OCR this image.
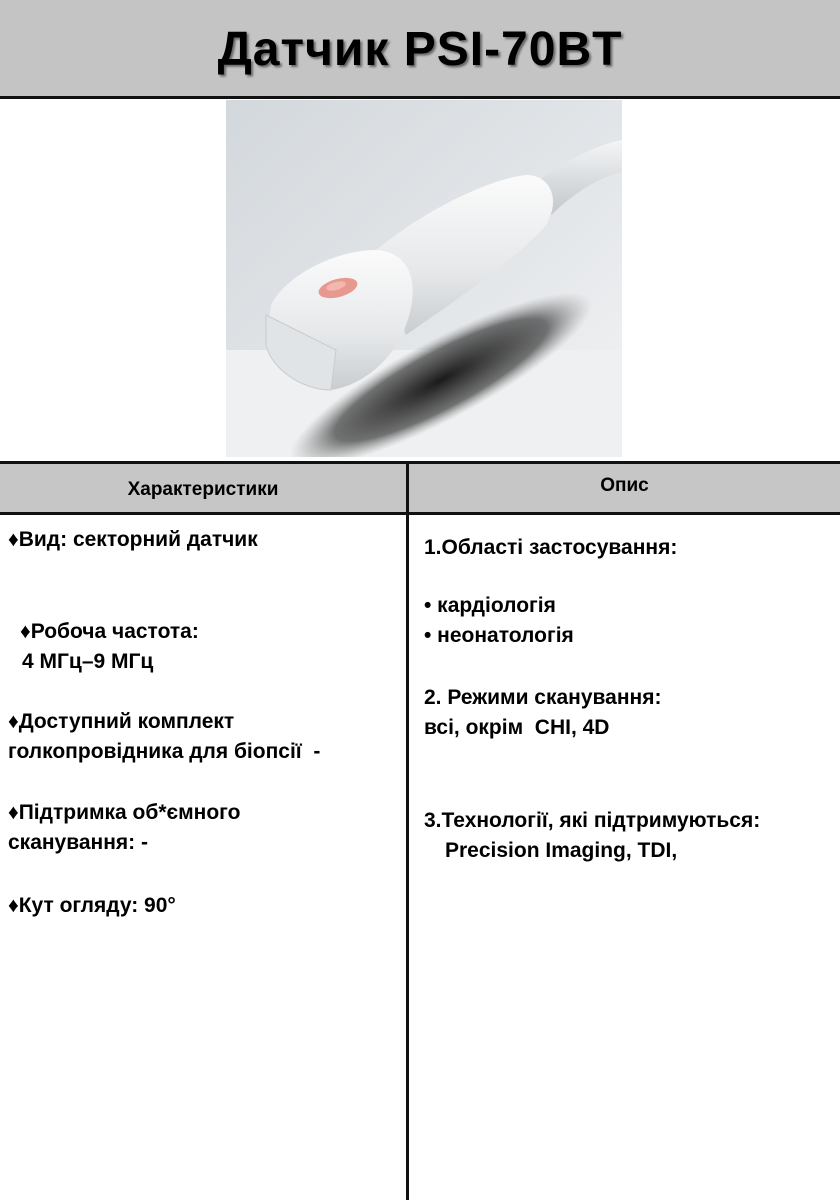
Датчик PSI-70BT
Характеристики	Опис
♦Вид: секторний датчик
♦Робоча частота:
4 МГц–9 МГц
♦Доступний комплект
голкопровідника для біопсії  -
♦Підтримка об*ємного
сканування: -
♦Кут огляду: 90°
1.Області застосування:
• кардіологія
• неонатологія
2. Режими сканування:
всі, окрім  CHI, 4D
3.Технології, які підтримуються:
Precision Imaging, TDI,
